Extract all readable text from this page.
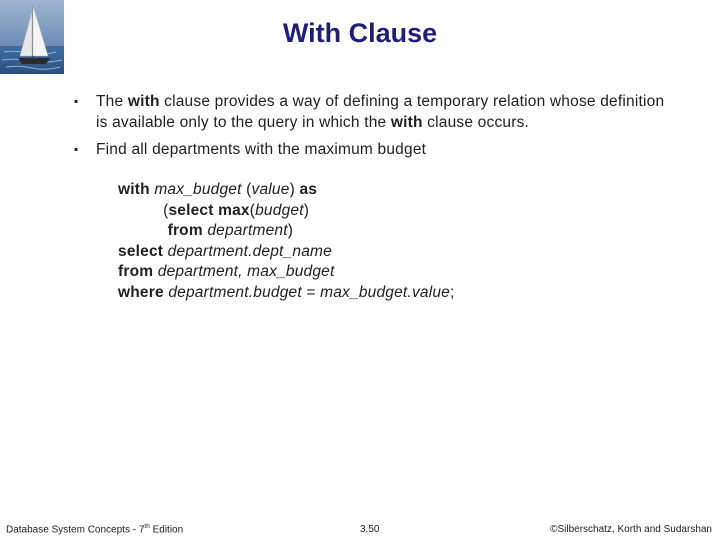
With Clause
▪ The with clause provides a way of defining a temporary relation whose definition is available only to the query in which the with clause occurs.
▪ Find all departments with the maximum budget
with max_budget (value) as
(select max(budget)
from department)
select department.dept_name
from department, max_budget
where department.budget = max_budget.value;
Database System Concepts - 7th Edition	3.50	©Silberschatz, Korth and Sudarshan
